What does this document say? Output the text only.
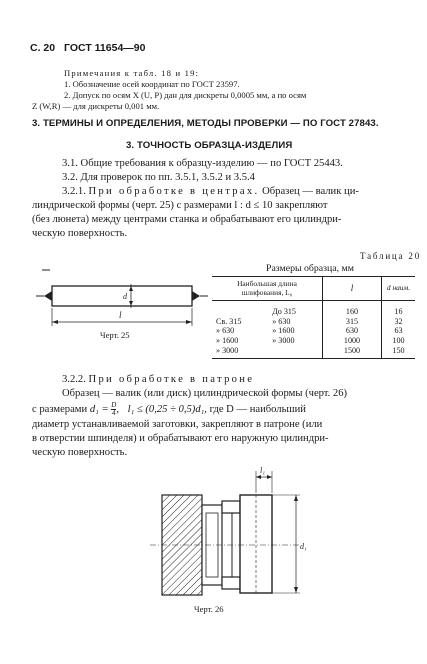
С. 20 ГОСТ 11654—90
Примечания к табл. 18 и 19:
1. Обозначение осей координат по ГОСТ 23597.
2. Допуск по осям X (U, P) дан для дискреты 0,0005 мм, а по осям
Z (W,R) — для дискреты 0,001 мм.
3. ТЕРМИНЫ И ОПРЕДЕЛЕНИЯ, МЕТОДЫ ПРОВЕРКИ — ПО ГОСТ 27843.
3. ТОЧНОСТЬ ОБРАЗЦА-ИЗДЕЛИЯ
3.1. Общие требования к образцу-изделию — по ГОСТ 25443.
3.2. Для проверок по пп. 3.5.1, 3.5.2 и 3.5.4
3.2.1. При обработке в центрах. Образец — валик ци-
линдрической формы (черт. 25) с размерами l : d ≤ 10 закрепляют
(без люнета) между центрами станка и обрабатывают его цилиндри-
ческую поверхность.
d
l
Черт. 25
Таблица 20
Размеры образца, мм
Наибольшая длина шлифования, L₀		l	d наим.
	До 315	160	16
Св. 315	» 630	315	32
» 630	» 1600	630	63
» 1600	» 3000	1000	100
» 3000		1500	150
3.2.2. При обработке в патроне
Образец — валик (или диск) цилиндрической формы (черт. 26)
с размерами $d_1 = \frac{D}{4}$ , l₁ ≤ (0,25 ÷ 0,5)d₁, где D — наибольший
диаметр устанавливаемой заготовки, закрепляют в патроне (или
в отверстии шпинделя) и обрабатывают его наружную цилиндри-
ческую поверхность.
l₁
d₁
Черт. 26
